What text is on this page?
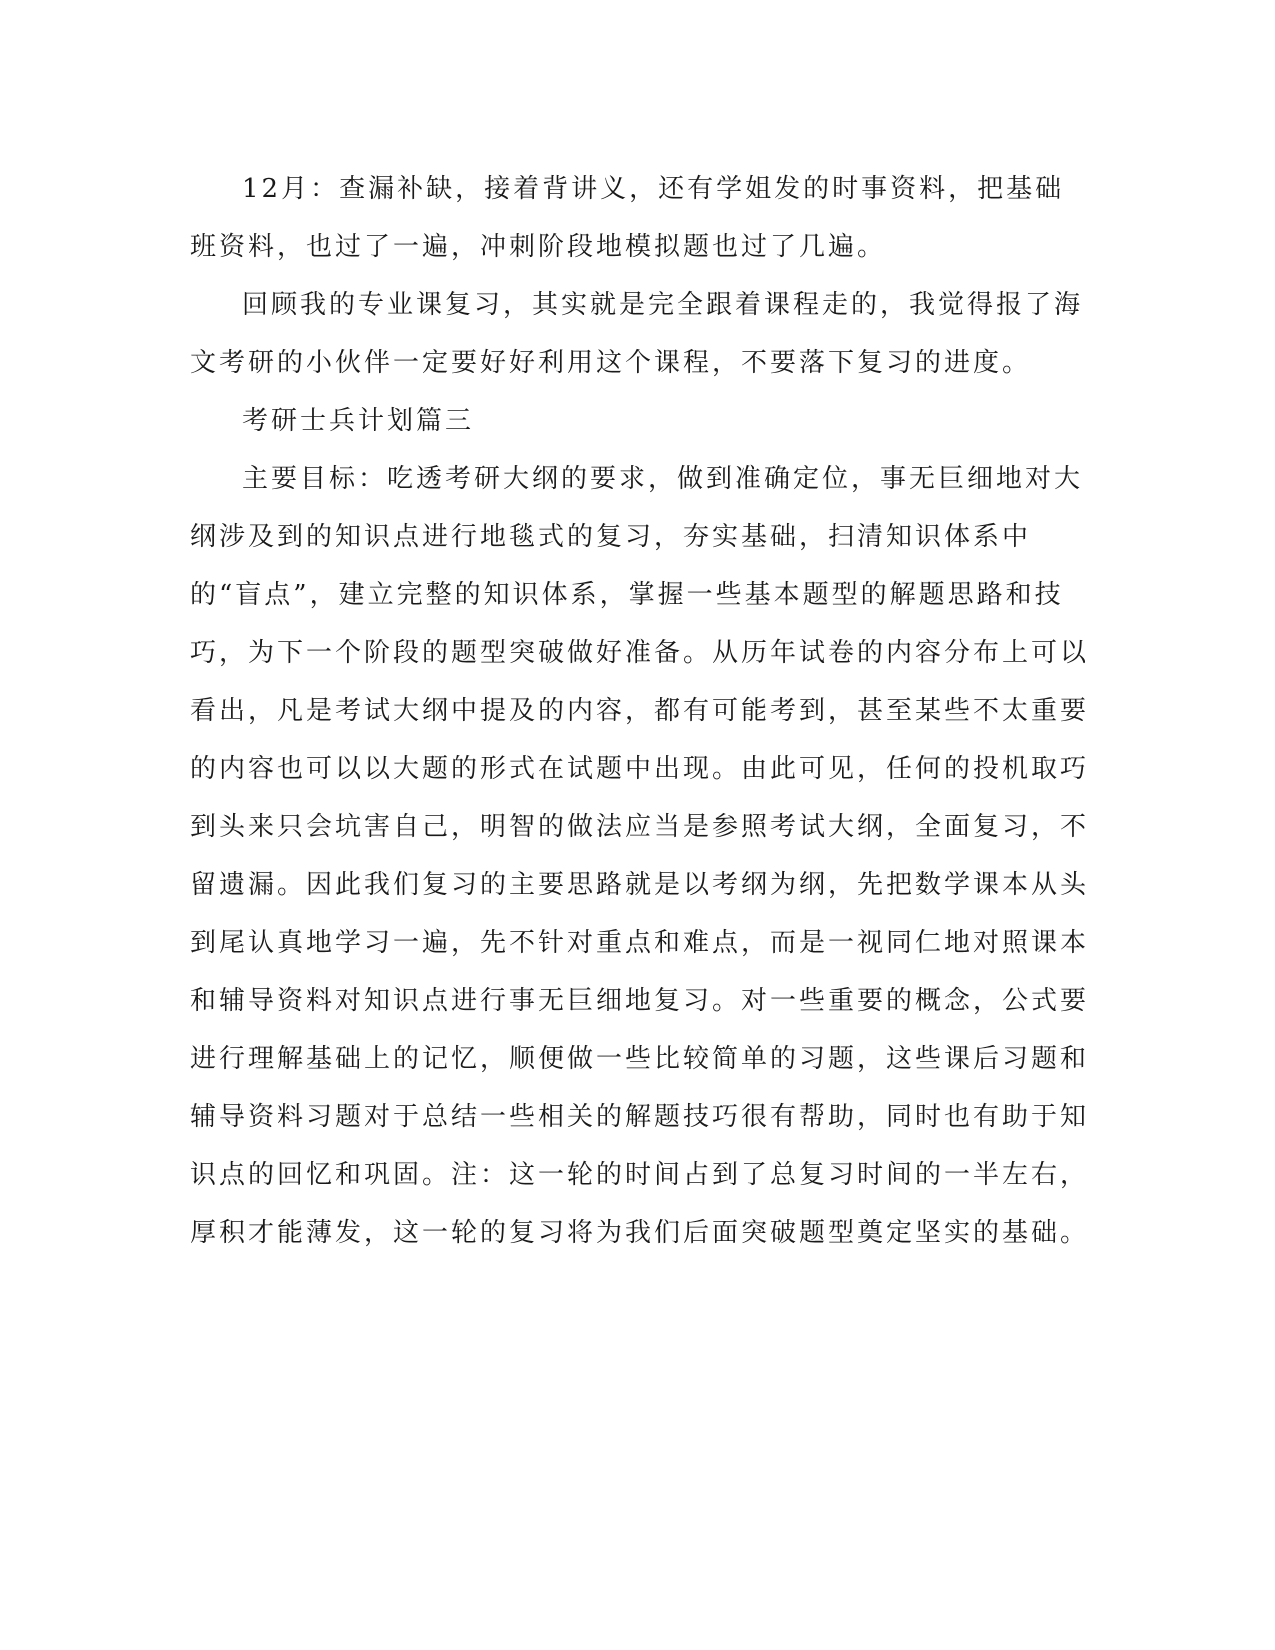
12月：查漏补缺，接着背讲义，还有学姐发的时事资料，把基础班资料，也过了一遍，冲刺阶段地模拟题也过了几遍。

回顾我的专业课复习，其实就是完全跟着课程走的，我觉得报了海文考研的小伙伴一定要好好利用这个课程，不要落下复习的进度。

考研士兵计划篇三

主要目标：吃透考研大纲的要求，做到准确定位，事无巨细地对大纲涉及到的知识点进行地毯式的复习，夯实基础，扫清知识体系中的“盲点”，建立完整的知识体系，掌握一些基本题型的解题思路和技巧，为下一个阶段的题型突破做好准备。从历年试卷的内容分布上可以看出，凡是考试大纲中提及的内容，都有可能考到，甚至某些不太重要的内容也可以以大题的形式在试题中出现。由此可见，任何的投机取巧到头来只会坑害自己，明智的做法应当是参照考试大纲，全面复习，不留遗漏。因此我们复习的主要思路就是以考纲为纲，先把数学课本从头到尾认真地学习一遍，先不针对重点和难点，而是一视同仁地对照课本和辅导资料对知识点进行事无巨细地复习。对一些重要的概念，公式要进行理解基础上的记忆，顺便做一些比较简单的习题，这些课后习题和辅导资料习题对于总结一些相关的解题技巧很有帮助，同时也有助于知识点的回忆和巩固。注：这一轮的时间占到了总复习时间的一半左右，厚积才能薄发，这一轮的复习将为我们后面突破题型奠定坚实的基础。
